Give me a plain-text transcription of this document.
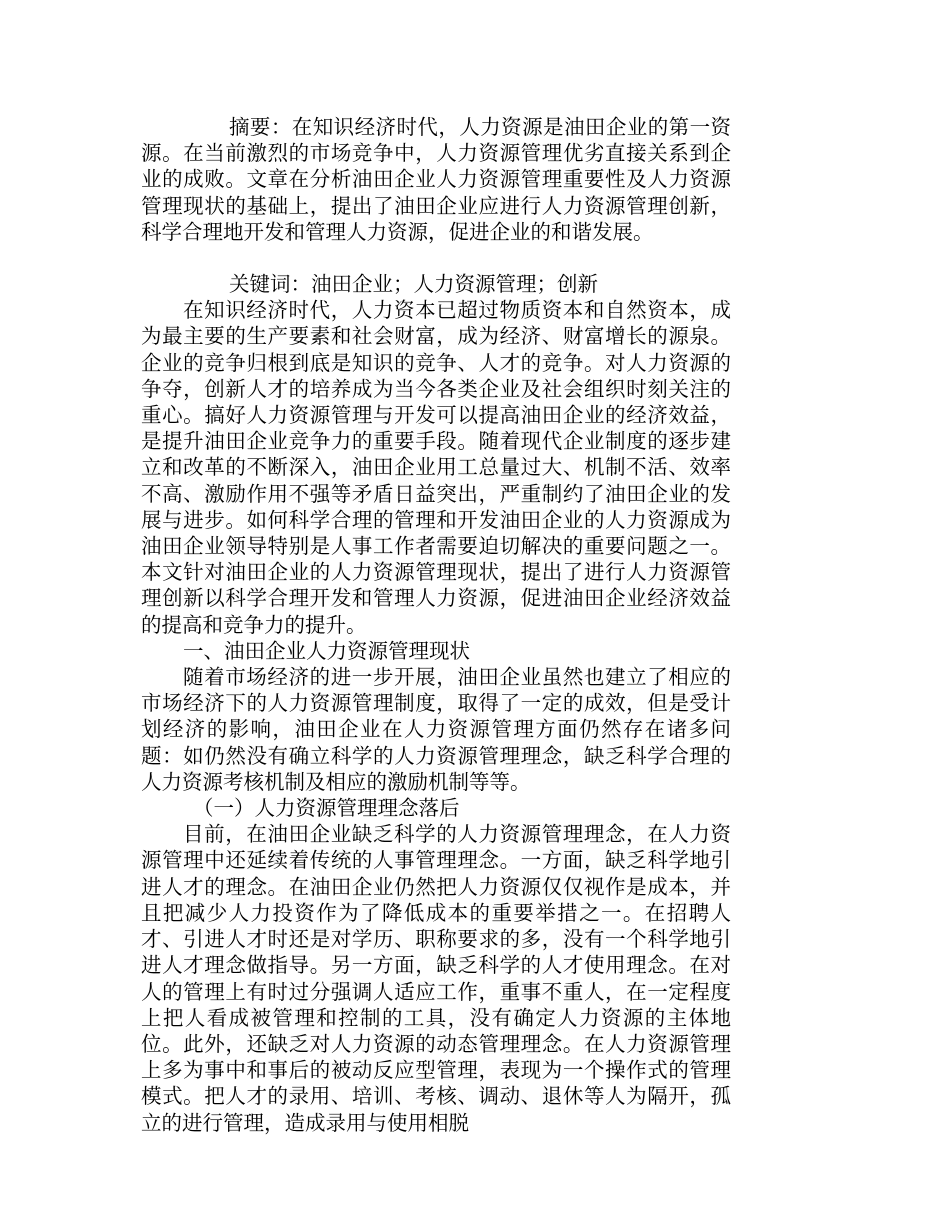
摘要：在知识经济时代，人力资源是油田企业的第一资源。在当前激烈的市场竞争中，人力资源管理优劣直接关系到企业的成败。文章在分析油田企业人力资源管理重要性及人力资源管理现状的基础上，提出了油田企业应进行人力资源管理创新，科学合理地开发和管理人力资源，促进企业的和谐发展。

关键词：油田企业；人力资源管理；创新

在知识经济时代，人力资本已超过物质资本和自然资本，成为最主要的生产要素和社会财富，成为经济、财富增长的源泉。企业的竞争归根到底是知识的竞争、人才的竞争。对人力资源的争夺，创新人才的培养成为当今各类企业及社会组织时刻关注的重心。搞好人力资源管理与开发可以提高油田企业的经济效益，是提升油田企业竞争力的重要手段。随着现代企业制度的逐步建立和改革的不断深入，油田企业用工总量过大、机制不活、效率不高、激励作用不强等矛盾日益突出，严重制约了油田企业的发展与进步。如何科学合理的管理和开发油田企业的人力资源成为油田企业领导特别是人事工作者需要迫切解决的重要问题之一。本文针对油田企业的人力资源管理现状，提出了进行人力资源管理创新以科学合理开发和管理人力资源，促进油田企业经济效益的提高和竞争力的提升。

一、油田企业人力资源管理现状

随着市场经济的进一步开展，油田企业虽然也建立了相应的市场经济下的人力资源管理制度，取得了一定的成效，但是受计划经济的影响，油田企业在人力资源管理方面仍然存在诸多问题：如仍然没有确立科学的人力资源管理理念，缺乏科学合理的人力资源考核机制及相应的激励机制等等。

（一）人力资源管理理念落后

目前，在油田企业缺乏科学的人力资源管理理念，在人力资源管理中还延续着传统的人事管理理念。一方面，缺乏科学地引进人才的理念。在油田企业仍然把人力资源仅仅视作是成本，并且把减少人力投资作为了降低成本的重要举措之一。在招聘人才、引进人才时还是对学历、职称要求的多，没有一个科学地引进人才理念做指导。另一方面，缺乏科学的人才使用理念。在对人的管理上有时过分强调人适应工作，重事不重人，在一定程度上把人看成被管理和控制的工具，没有确定人力资源的主体地位。此外，还缺乏对人力资源的动态管理理念。在人力资源管理上多为事中和事后的被动反应型管理，表现为一个操作式的管理模式。把人才的录用、培训、考核、调动、退休等人为隔开，孤立的进行管理，造成录用与使用相脱
